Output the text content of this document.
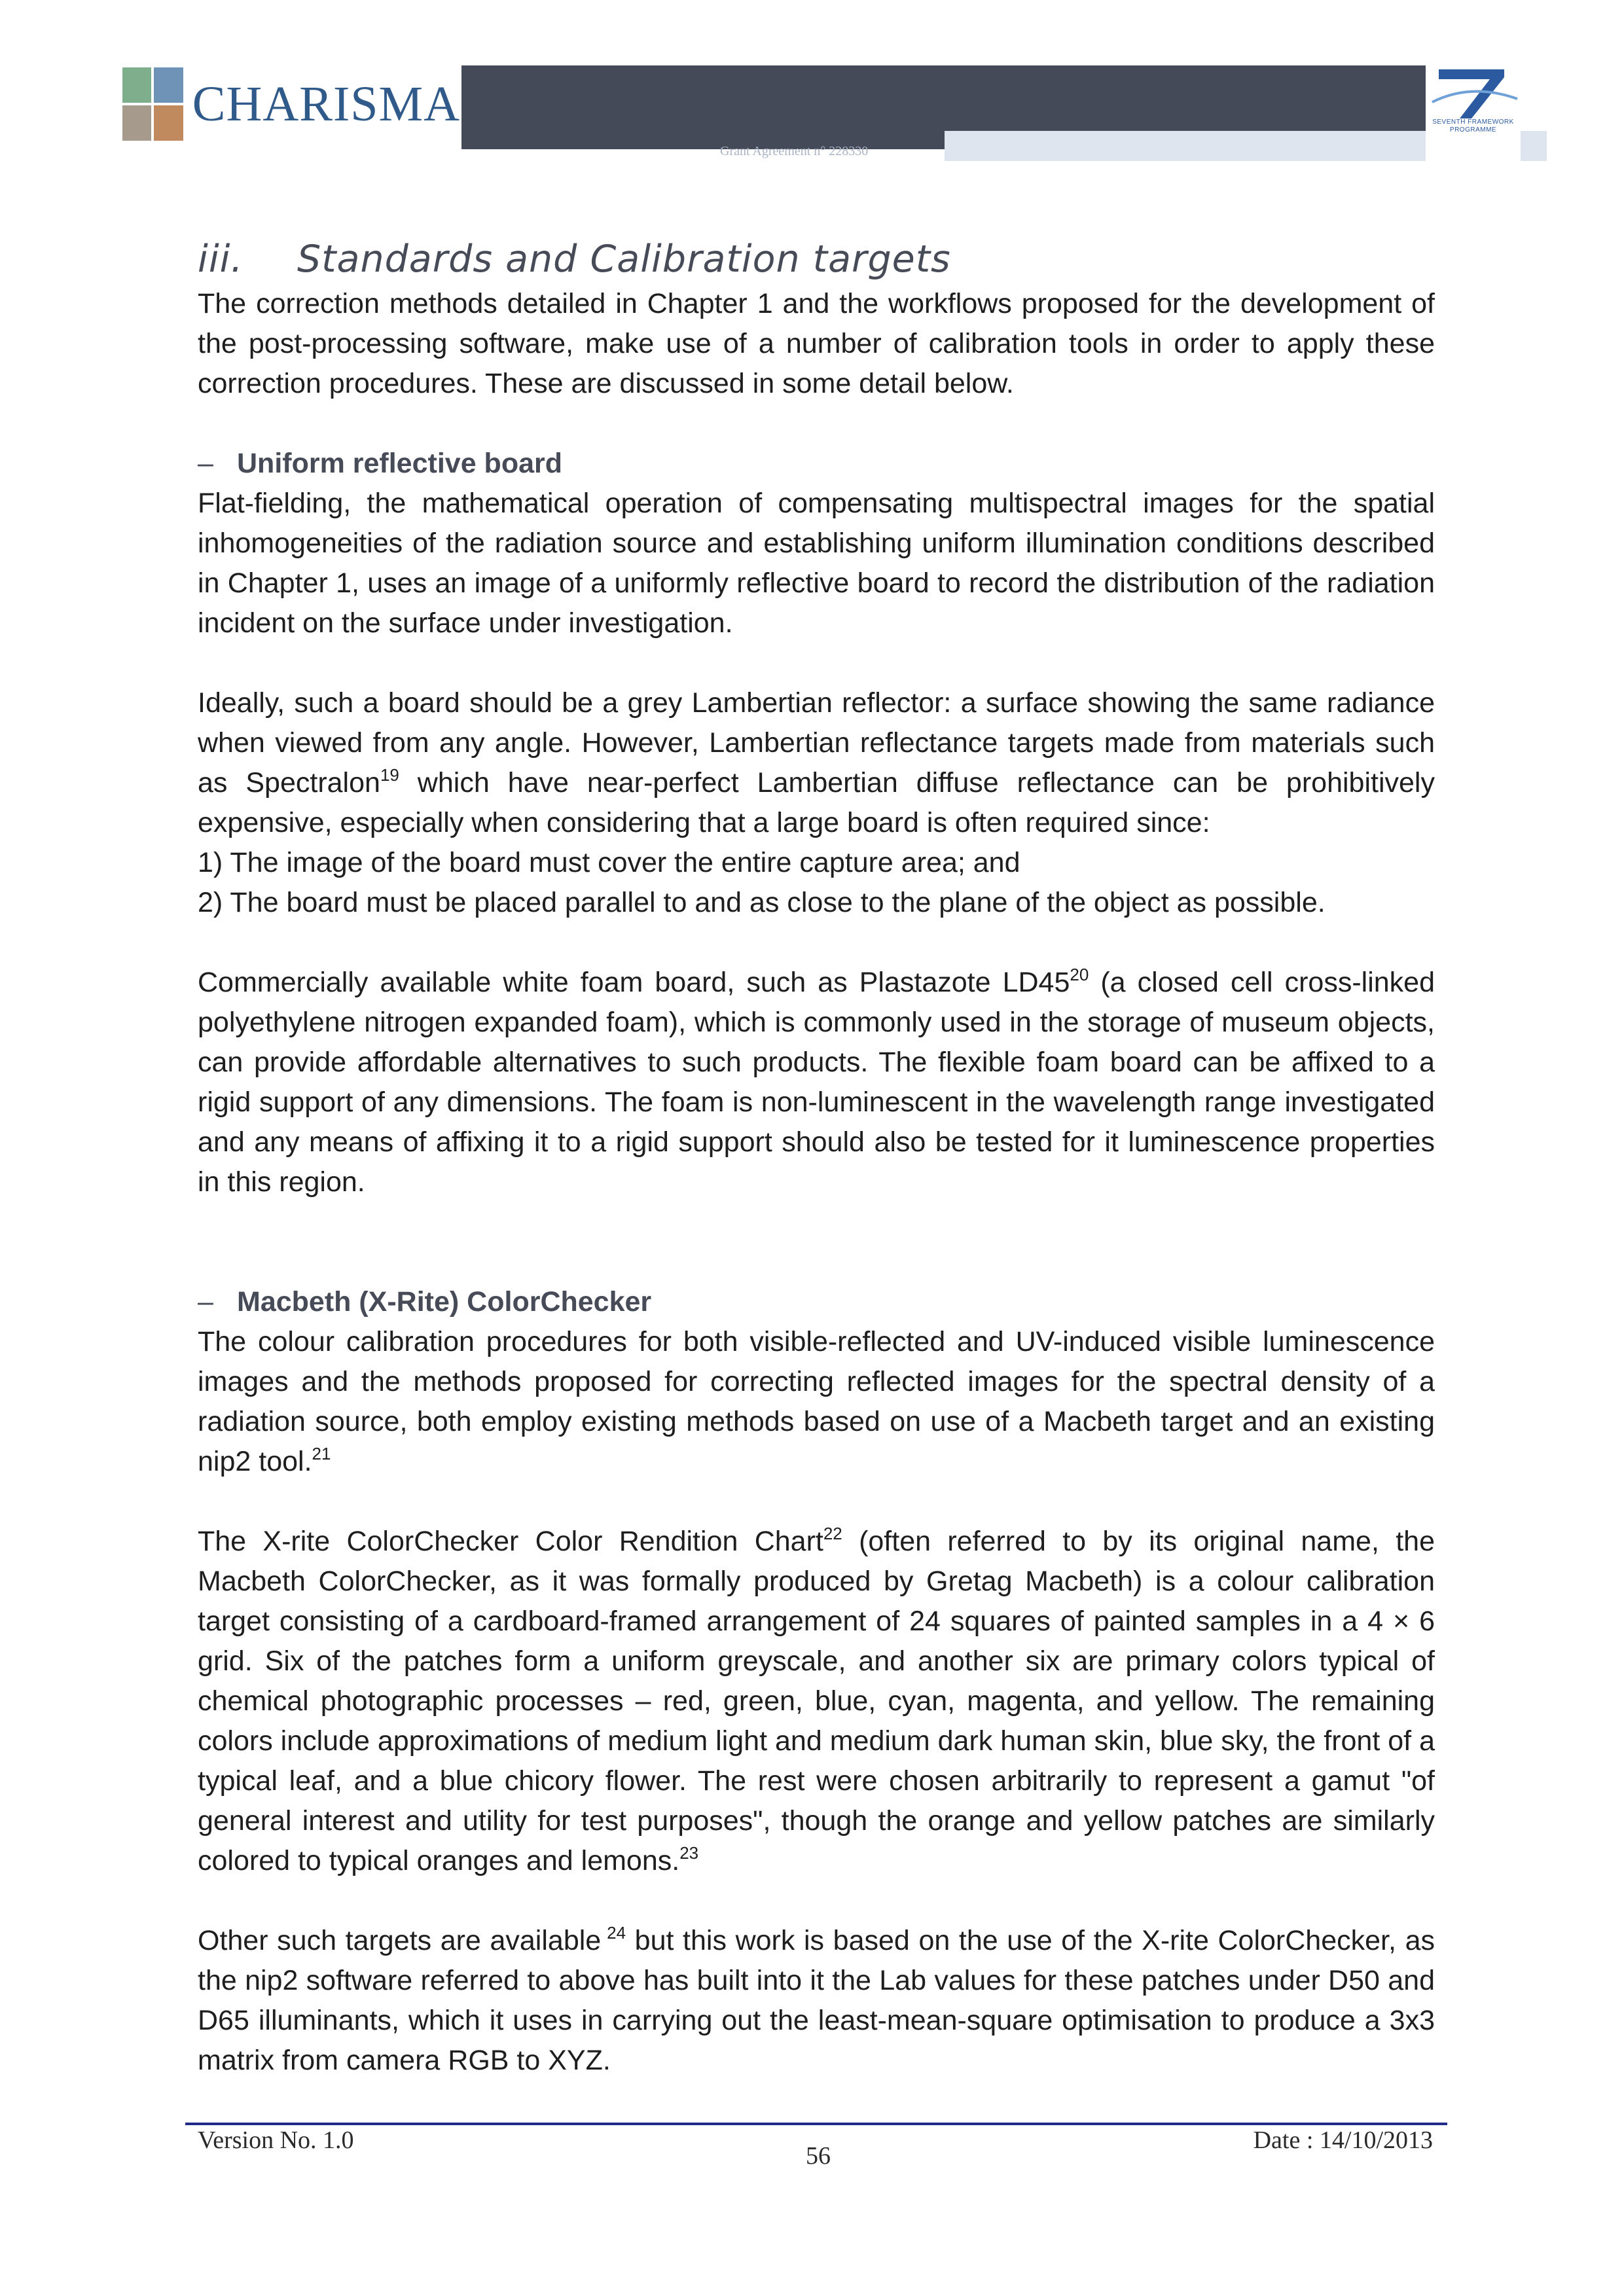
CHARISMA
Grant Agreement n° 228330
SEVENTH FRAMEWORK PROGRAMME
iii. Standards and Calibration targets

The correction methods detailed in Chapter 1 and the workflows proposed for the development of the post-processing software, make use of a number of calibration tools in order to apply these correction procedures. These are discussed in some detail below.

– Uniform reflective board

Flat-fielding, the mathematical operation of compensating multispectral images for the spatial inhomogeneities of the radiation source and establishing uniform illumination conditions described in Chapter 1, uses an image of a uniformly reflective board to record the distribution of the radiation incident on the surface under investigation.

Ideally, such a board should be a grey Lambertian reflector: a surface showing the same radiance when viewed from any angle. However, Lambertian reflectance targets made from materials such as Spectralon$^{19}$ which have near-perfect Lambertian diffuse reflectance can be prohibitively expensive, especially when considering that a large board is often required since:

1) The image of the board must cover the entire capture area; and
2) The board must be placed parallel to and as close to the plane of the object as possible.

Commercially available white foam board, such as Plastazote $LD45^{20}$ (a closed cell cross-linked polyethylene nitrogen expanded foam), which is commonly used in the storage of museum objects, can provide affordable alternatives to such products. The flexible foam board can be affixed to a rigid support of any dimensions. The foam is non-luminescent in the wavelength range investigated and any means of affixing it to a rigid support should also be tested for it luminescence properties in this region.

– Macbeth (X-Rite) ColorChecker

The colour calibration procedures for both visible-reflected and UV-induced visible luminescence images and the methods proposed for correcting reflected images for the spectral density of a radiation source, both employ existing methods based on use of a Macbeth target and an existing nip2 tool.$^{21}$

The X-rite ColorChecker Color Rendition Chart$^{22}$ (often referred to by its original name, the Macbeth ColorChecker, as it was formally produced by Gretag Macbeth) is a colour calibration target consisting of a cardboard-framed arrangement of 24 squares of painted samples in a 4 × 6 grid. Six of the patches form a uniform greyscale, and another six are primary colors typical of chemical photographic processes – red, green, blue, cyan, magenta, and yellow. The remaining colors include approximations of medium light and medium dark human skin, blue sky, the front of a typical leaf, and a blue chicory flower. The rest were chosen arbitrarily to represent a gamut "of general interest and utility for test purposes", though the orange and yellow patches are similarly colored to typical oranges and lemons.$^{23}$

Other such targets are available $^{24}$ but this work is based on the use of the X-rite ColorChecker, as the nip2 software referred to above has built into it the Lab values for these patches under D50 and D65 illuminants, which it uses in carrying out the least-mean-square optimisation to produce a 3x3 matrix from camera RGB to XYZ.

Version No. 1.0
56
Date : 14/10/2013
